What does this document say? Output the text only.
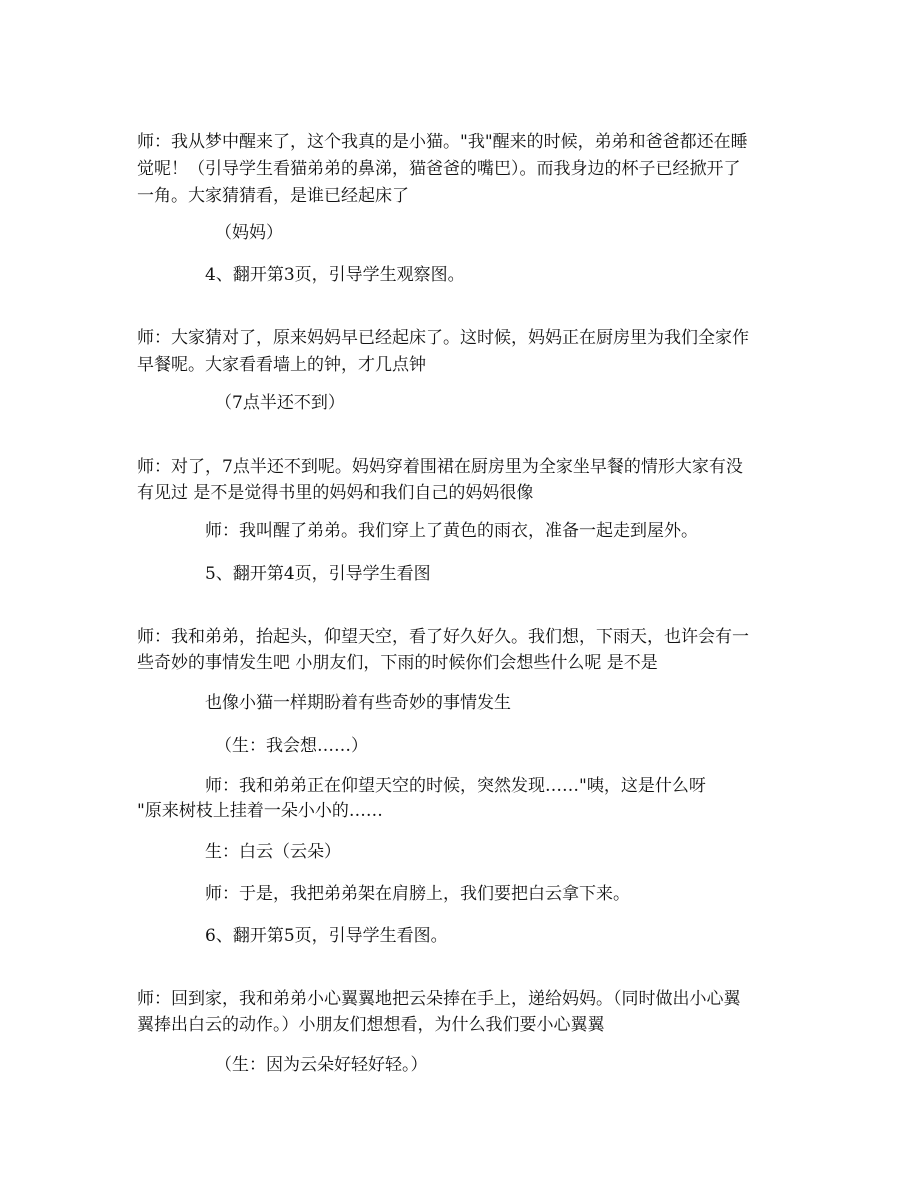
师：我从梦中醒来了，这个我真的是小猫。"我"醒来的时候，弟弟和爸爸都还在睡

觉呢！（引导学生看猫弟弟的鼻涕，猫爸爸的嘴巴）。而我身边的杯子已经掀开了

一角。大家猜猜看，是谁已经起床了

（妈妈）

4、翻开第3页，引导学生观察图。

师：大家猜对了，原来妈妈早已经起床了。这时候，妈妈正在厨房里为我们全家作

早餐呢。大家看看墙上的钟，才几点钟

（7点半还不到）

师：对了，7点半还不到呢。妈妈穿着围裙在厨房里为全家坐早餐的情形大家有没

有见过 是不是觉得书里的妈妈和我们自己的妈妈很像

师：我叫醒了弟弟。我们穿上了黄色的雨衣，准备一起走到屋外。

5、翻开第4页，引导学生看图

师：我和弟弟，抬起头，仰望天空，看了好久好久。我们想，下雨天，也许会有一

些奇妙的事情发生吧 小朋友们，下雨的时候你们会想些什么呢 是不是

也像小猫一样期盼着有些奇妙的事情发生

（生：我会想……）

师：我和弟弟正在仰望天空的时候，突然发现……"咦，这是什么呀

"原来树枝上挂着一朵小小的……

生：白云（云朵）

师：于是，我把弟弟架在肩膀上，我们要把白云拿下来。

6、翻开第5页，引导学生看图。

师：回到家，我和弟弟小心翼翼地把云朵捧在手上，递给妈妈。（同时做出小心翼

翼捧出白云的动作。）小朋友们想想看，为什么我们要小心翼翼

（生：因为云朵好轻好轻。）
